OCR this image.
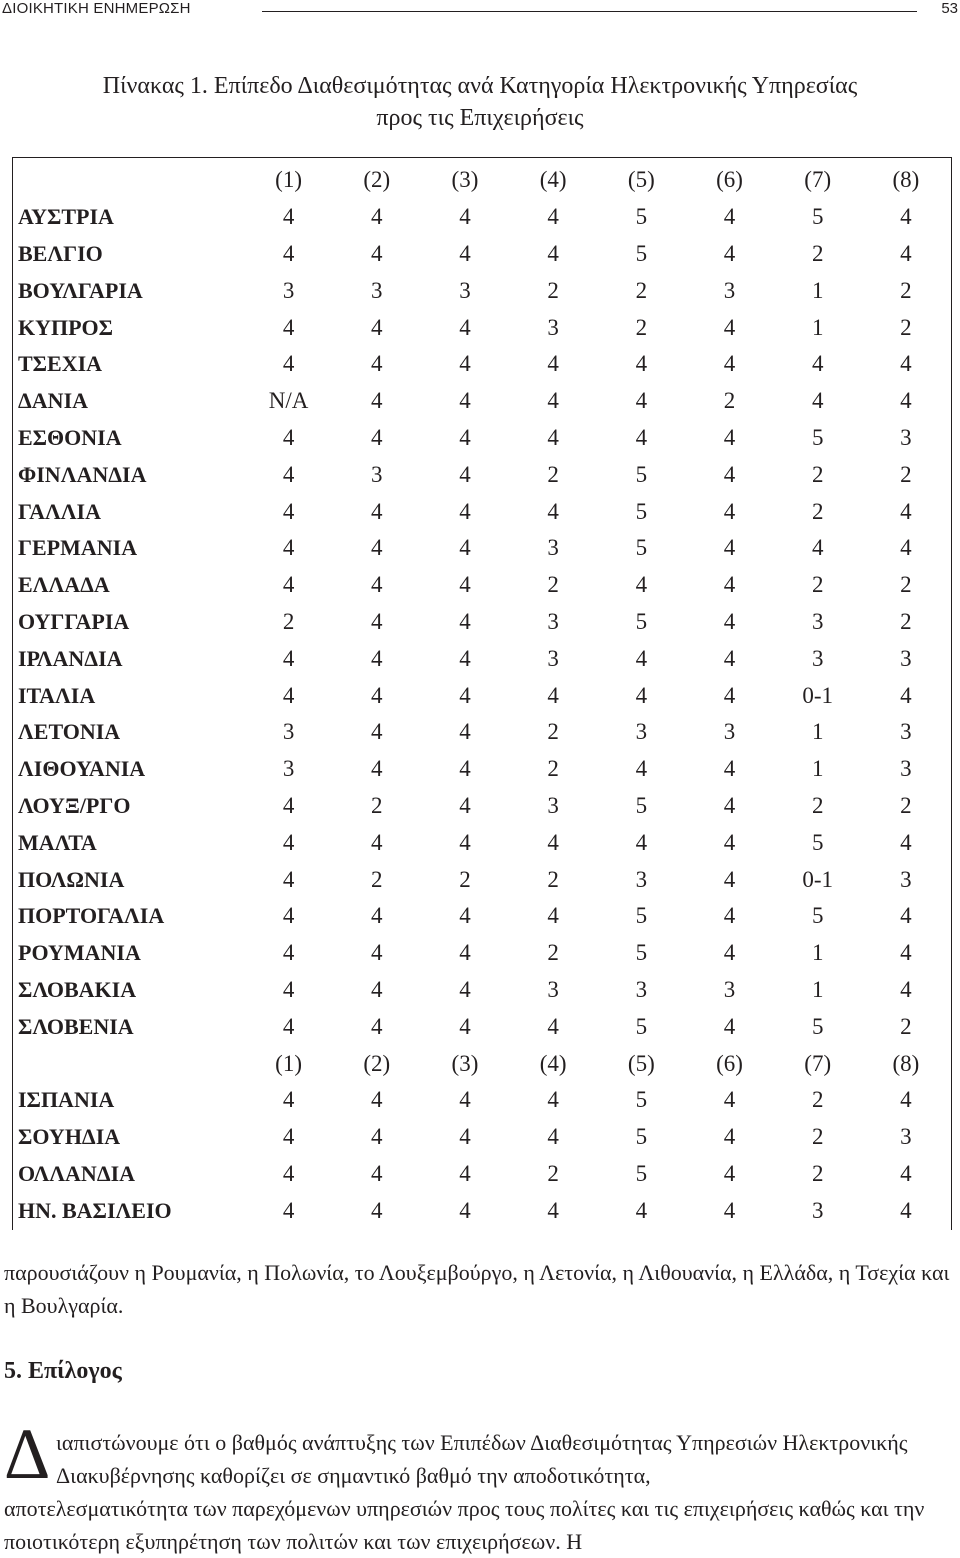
ΔΙΟΙΚΗΤΙΚΗ ΕΝΗΜΕΡΩΣΗ	53
Πίνακας 1. Επίπεδο Διαθεσιμότητας ανά Κατηγορία Ηλεκτρονικής Υπηρεσίας
προς τις Επιχειρήσεις
	(1)	(2)	(3)	(4)	(5)	(6)	(7)	(8)
ΑΥΣΤΡΙΑ	4	4	4	4	5	4	5	4
ΒΕΛΓΙΟ	4	4	4	4	5	4	2	4
ΒΟΥΛΓΑΡΙΑ	3	3	3	2	2	3	1	2
ΚΥΠΡΟΣ	4	4	4	3	2	4	1	2
ΤΣΕΧΙΑ	4	4	4	4	4	4	4	4
ΔΑΝΙΑ	N/A	4	4	4	4	2	4	4
ΕΣΘΟΝΙΑ	4	4	4	4	4	4	5	3
ΦΙΝΛΑΝΔΙΑ	4	3	4	2	5	4	2	2
ΓΑΛΛΙΑ	4	4	4	4	5	4	2	4
ΓΕΡΜΑΝΙΑ	4	4	4	3	5	4	4	4
ΕΛΛΑΔΑ	4	4	4	2	4	4	2	2
ΟΥΓΓΑΡΙΑ	2	4	4	3	5	4	3	2
ΙΡΛΑΝΔΙΑ	4	4	4	3	4	4	3	3
ΙΤΑΛΙΑ	4	4	4	4	4	4	0-1	4
ΛΕΤΟΝΙΑ	3	4	4	2	3	3	1	3
ΛΙΘΟΥΑΝΙΑ	3	4	4	2	4	4	1	3
ΛΟΥΞ/ΡΓΟ	4	2	4	3	5	4	2	2
ΜΑΛΤΑ	4	4	4	4	4	4	5	4
ΠΟΛΩΝΙΑ	4	2	2	2	3	4	0-1	3
ΠΟΡΤΟΓΑΛΙΑ	4	4	4	4	5	4	5	4
ΡΟΥΜΑΝΙΑ	4	4	4	2	5	4	1	4
ΣΛΟΒΑΚΙΑ	4	4	4	3	3	3	1	4
ΣΛΟΒΕΝΙΑ	4	4	4	4	5	4	5	2
	(1)	(2)	(3)	(4)	(5)	(6)	(7)	(8)
ΙΣΠΑΝΙΑ	4	4	4	4	5	4	2	4
ΣΟΥΗΔΙΑ	4	4	4	4	5	4	2	3
ΟΛΛΑΝΔΙΑ	4	4	4	2	5	4	2	4
ΗΝ. ΒΑΣΙΛΕΙΟ	4	4	4	4	4	4	3	4
παρουσιάζουν η Ρουμανία, η Πολωνία, το Λουξεμβούργο, η Λετονία, η Λιθουανία, η Ελλάδα, η Τσεχία και η Βουλγαρία.
5. Επίλογος
Δ ιαπιστώνουμε ότι ο βαθμός ανάπτυξης των Επιπέδων Διαθεσιμότητας Υπηρεσιών Ηλεκτρονικής Διακυβέρνησης καθορίζει σε σημαντικό βαθμό την αποδοτικότητα,
αποτελεσματικότητα των παρεχόμενων υπηρεσιών προς τους πολίτες και τις επιχειρήσεις καθώς και την ποιοτικότερη εξυπηρέτηση των πολιτών και των επιχειρήσεων. Η
